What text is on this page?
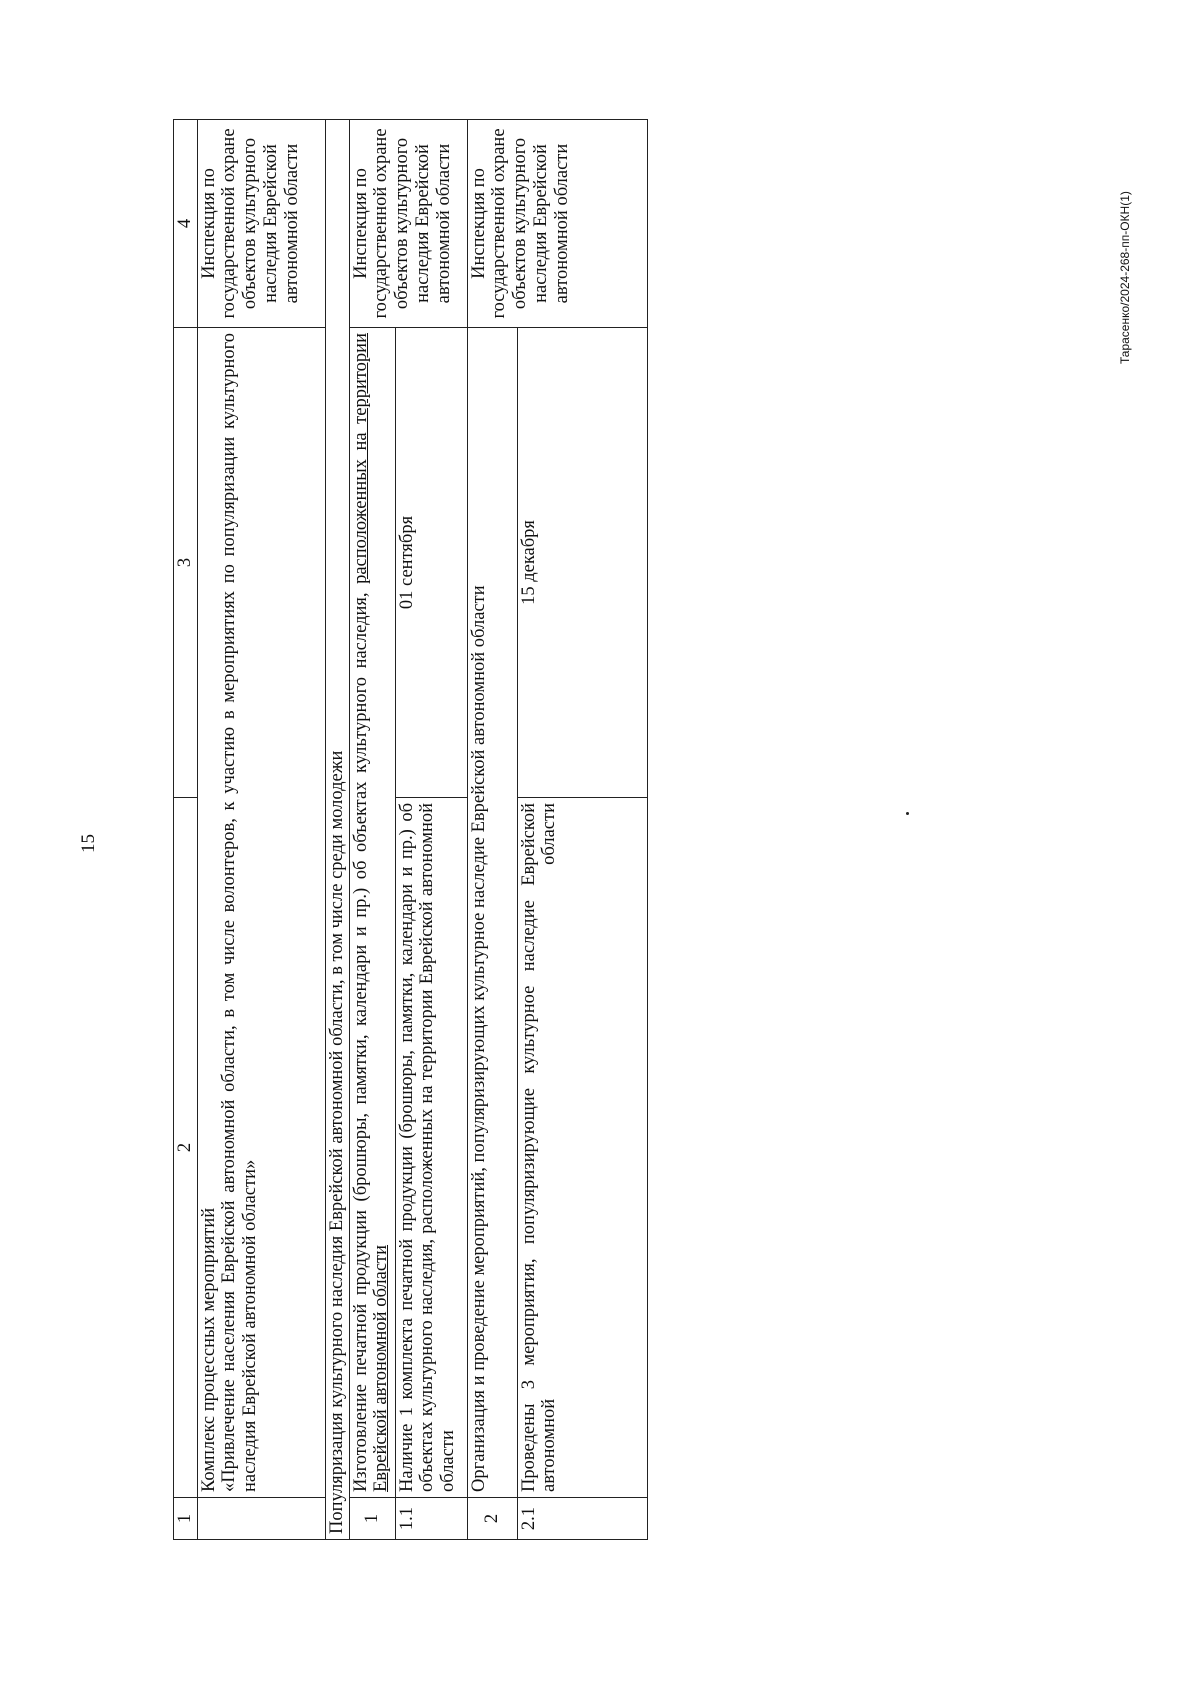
15
Тарасенко/2024-268-пп-ОКН(1)
1	2	3	4

	Комплекс процессных мероприятий «Привлечение населения Еврейской автономной области, в том числе волонтеров, к участию в мероприятиях по популяризации культурного наследия Еврейской автономной области»		Инспекция по государственной охране объектов культурного наследия Еврейской автономной области
Популяризация культурного наследия Еврейской автономной области, в том числе среди молодежи			
1	Изготовление печатной продукции (брошюры, памятки, календари и пр.) об объектах культурного наследия, расположенных на территории Еврейской автономной области		Инспекция по государственной охране объектов культурного наследия Еврейской автономной области
1.1	Наличие 1 комплекта печатной продукции (брошюры, памятки, календари и пр.) об объектах культурного наследия, расположенных на территории Еврейской автономной области	01 сентября	
2	Организация и проведение мероприятий, популяризирующих культурное наследие Еврейской автономной области		Инспекция по государственной охране объектов культурного наследия Еврейской автономной области
2.1	Проведены 3 мероприятия, популяризирующие культурное наследие Еврейской автономной области	15 декабря	
